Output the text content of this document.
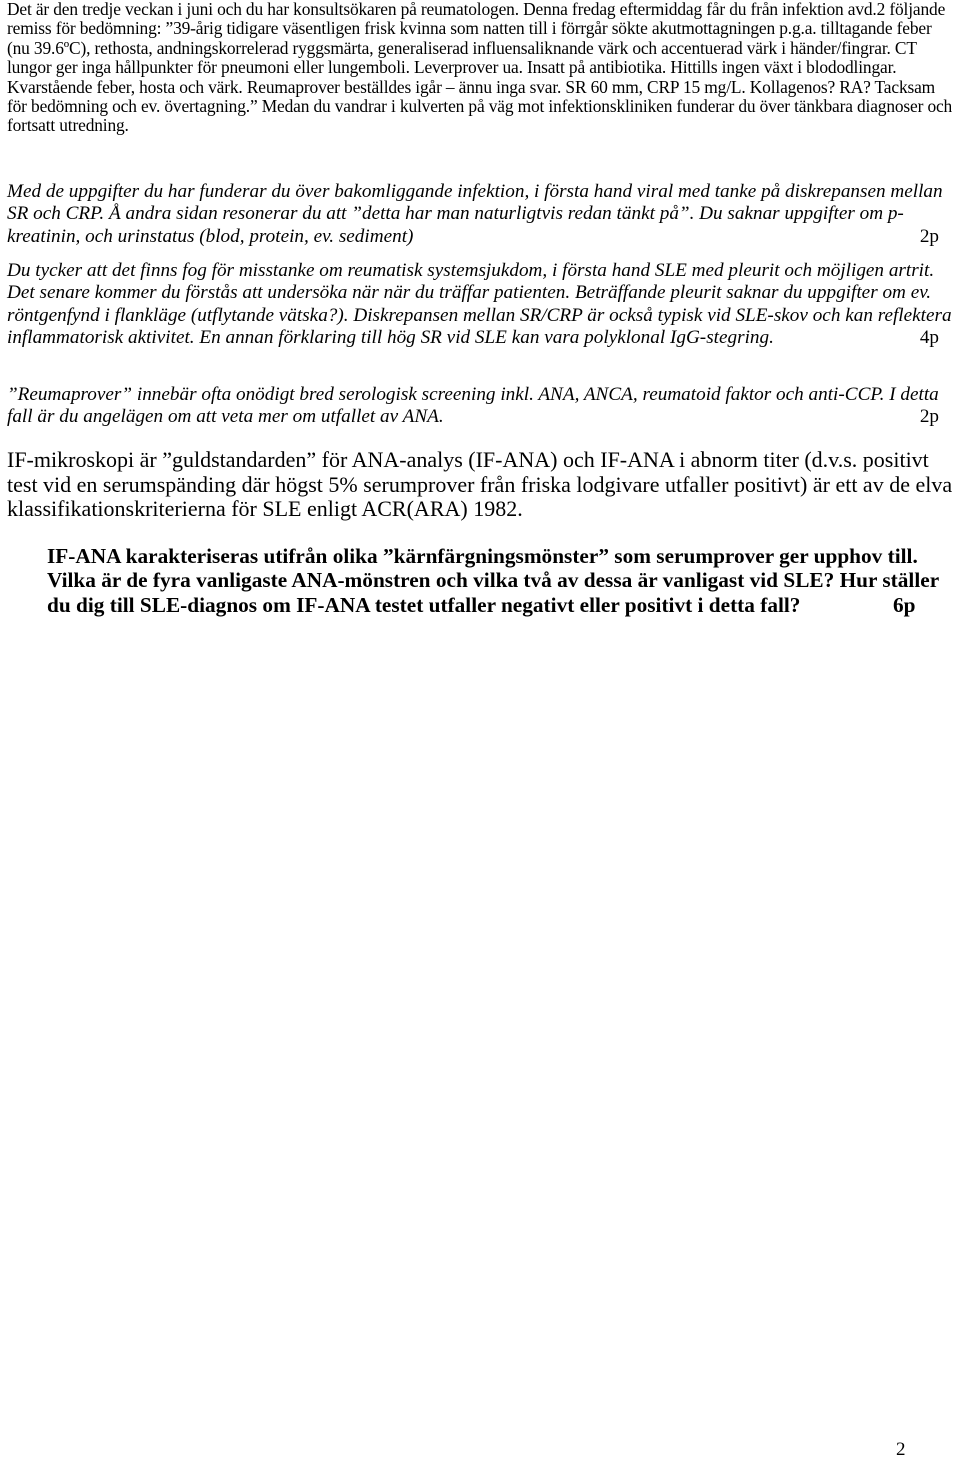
Det är den tredje veckan i juni och du har konsultsökaren på reumatologen. Denna fredag eftermiddag får du från infektion avd.2 följande remiss för bedömning: ”39-årig tidigare väsentligen frisk kvinna som natten till i förrgår sökte akutmottagningen p.g.a. tilltagande feber (nu 39.6ºC), rethosta, andningskorrelerad ryggsmärta, generaliserad influensaliknande värk och accentuerad värk i händer/fingrar. CT lungor ger inga hållpunkter för pneumoni eller lungemboli. Leverprover ua. Insatt på antibiotika. Hittills ingen växt i blododlingar. Kvarstående feber, hosta och värk. Reumaprover beställdes igår – ännu inga svar. SR 60 mm, CRP 15 mg/L. Kollagenos? RA? Tacksam för bedömning och ev. övertagning.” Medan du vandrar i kulverten på väg mot infektionskliniken funderar du över tänkbara diagnoser och fortsatt utredning.

Med de uppgifter du har funderar du över bakomliggande infektion, i första hand viral med tanke på diskrepansen mellan SR och CRP. Å andra sidan resonerar du att ”detta har man naturligtvis redan tänkt på”. Du saknar uppgifter om p-kreatinin, och urinstatus (blod, protein, ev. sediment)	2p

Du tycker att det finns fog för misstanke om reumatisk systemsjukdom, i första hand SLE med pleurit och möjligen artrit. Det senare kommer du förstås att undersöka när när du träffar patienten. Beträffande pleurit saknar du uppgifter om ev. röntgenfynd i flankläge (utflytande vätska?). Diskrepansen mellan SR/CRP är också typisk vid SLE-skov och kan reflektera inflammatorisk aktivitet. En annan förklaring till hög SR vid SLE kan vara polyklonal IgG-stegring.	4p

”Reumaprover” innebär ofta onödigt bred serologisk screening inkl. ANA, ANCA, reumatoid faktor och anti-CCP. I detta fall är du angelägen om att veta mer om utfallet av ANA.	2p

IF-mikroskopi är ”guldstandarden” för ANA-analys (IF-ANA) och IF-ANA i abnorm titer (d.v.s. positivt test vid en serumspänding där högst 5% serumprover från friska lodgivare utfaller positivt) är ett av de elva klassifikationskriterierna för SLE enligt ACR(ARA) 1982.

IF-ANA karakteriseras utifrån olika ”kärnfärgningsmönster” som serumprover ger upphov till. Vilka är de fyra vanligaste ANA-mönstren och vilka två av dessa är vanligast vid SLE? Hur ställer du dig till SLE-diagnos om IF-ANA testet utfaller negativt eller positivt i detta fall?	6p

2
